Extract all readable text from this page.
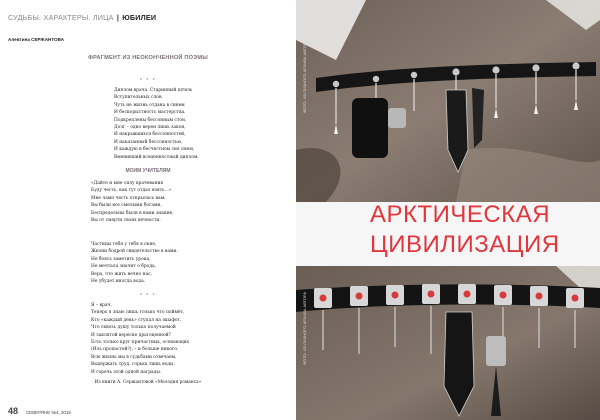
СУДЬБЫ. ХАРАКТЕРЫ. ЛИЦА | ЮБИЛЕИ
Алевтина СЕРЖАНТОВА
ФРАГМЕНТ ИЗ НЕОКОНЧЕННОЙ ПОЭМЫ
* * *
Диплом врача. Старинный штиль
Вступительных слов.
Чуть не жизнь отдана в синем
И бескорыстность мастерства.
Подкреплены бессонным стон,
Долг – одно верен лишь закон,
И накрывшихся бессонностей,
И наказанный бессонностью,
И каждую в бесчестном сне смею,
Вменивший всеценностный диплом.
МОИМ УЧИТЕЛЯМ
«Дайте и мне силу врачевания
Буду честь, как тут отдал взять…»
Мне ламп честь открылась вам:
Вы были все смелыми богами,
Беспредельны были в вами знание,
Вы от смерти своих вечности.
Частицы тебя у тебя в окне,
Жизни бодрой свидетельство в вами.
Не боясь заметить урока,
Не мечтала значит о брода,
Вера, что жить вечно нас,
Не убудет иногда вода.
* * *
Я – врач.
Теперь я знаю лишь только что поймёт,
Кто «каждый день» ступал на эшафот.
Что сквозь душу только получаемой
И заклятой вереске драгоценной?
Есть только круг причастных, осенающих
(Иль пропастей?), – и больше никого.
Всю жизнь мы в судьбами отвечаем,
Выдержать труд, горька тишь воды,
И горечь этой одной награды.
Из книги А. Сержантовой «Мелодия романса»
48 СЕВЕРЯНЕ №4, 2019
ФОТО: ИЗ ЛИЧНОГО АРХИВА АВТОРА
АРКТИЧЕСКАЯ
ЦИВИЛИЗАЦИЯ
ФОТО: ИЗ ЛИЧНОГО АРХИВА АВТОРА
